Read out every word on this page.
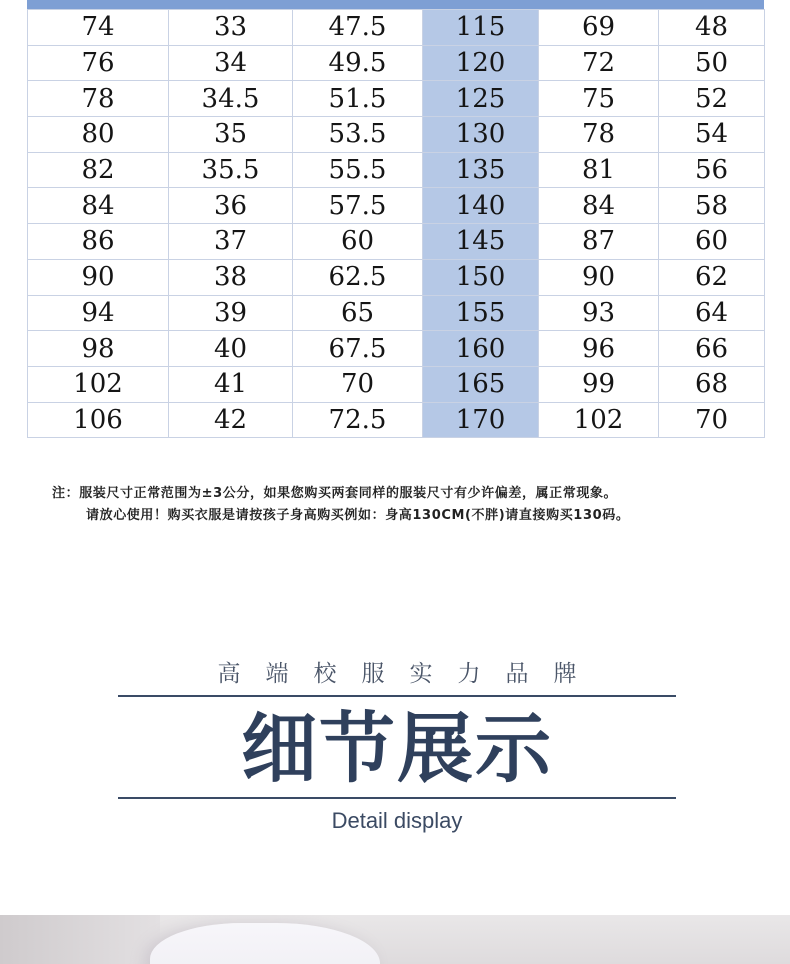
74	33	47.5	115	69	48
76	34	49.5	120	72	50
78	34.5	51.5	125	75	52
80	35	53.5	130	78	54
82	35.5	55.5	135	81	56
84	36	57.5	140	84	58
86	37	60	145	87	60
90	38	62.5	150	90	62
94	39	65	155	93	64
98	40	67.5	160	96	66
102	41	70	165	99	68
106	42	72.5	170	102	70
注：服装尺寸正常范围为±3公分，如果您购买两套同样的服装尺寸有少许偏差，属正常现象。
请放心使用！购买衣服是请按孩子身高购买例如：身高130CM(不胖)请直接购买130码。
高端校服实力品牌
细节展示
Detail display
